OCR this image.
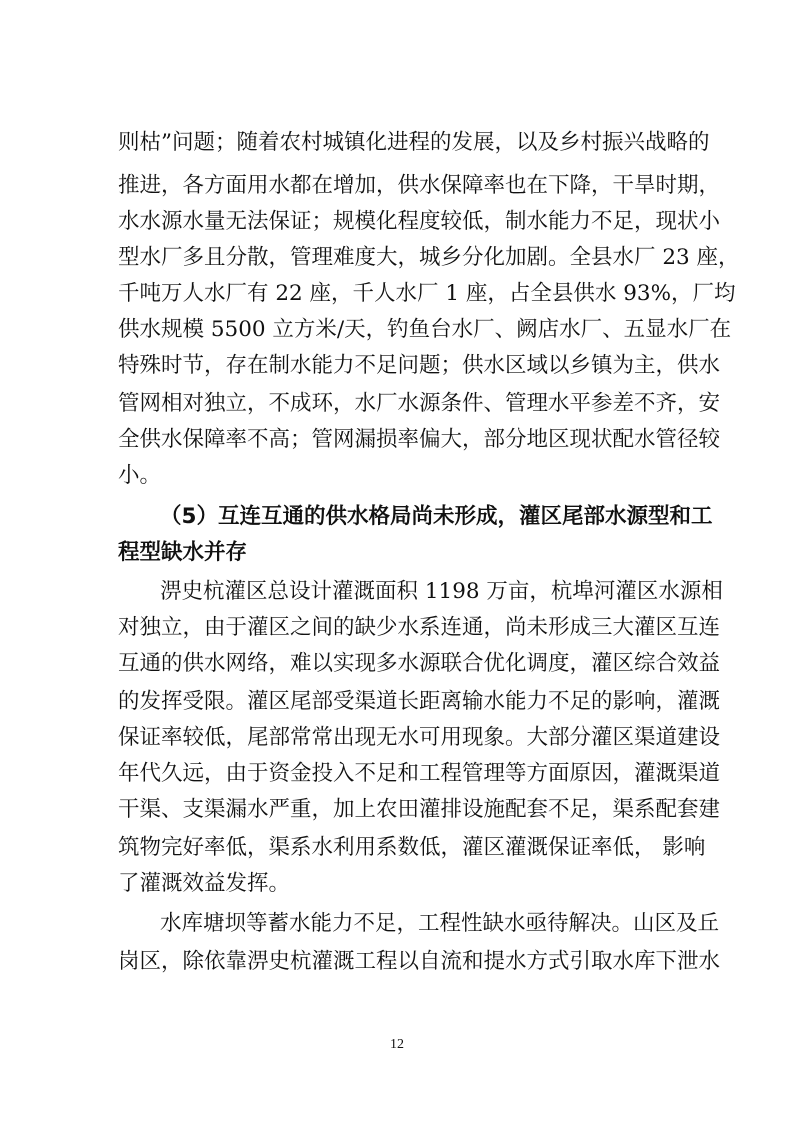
则枯”问题；随着农村城镇化进程的发展，以及乡村振兴战略的
推进，各方面用水都在增加，供水保障率也在下降，干旱时期，
水水源水量无法保证；规模化程度较低，制水能力不足，现状小
型水厂多且分散，管理难度大，城乡分化加剧。全县水厂 23 座，
千吨万人水厂有 22 座，千人水厂 1 座，占全县供水 93%，厂均
供水规模 5500 立方米/天，钓鱼台水厂、阙店水厂、五显水厂在
特殊时节，存在制水能力不足问题；供水区域以乡镇为主，供水
管网相对独立，不成环，水厂水源条件、管理水平参差不齐，安
全供水保障率不高；管网漏损率偏大，部分地区现状配水管径较
小。
（5）互连互通的供水格局尚未形成，灌区尾部水源型和工
程型缺水并存
淠史杭灌区总设计灌溉面积 1198 万亩，杭埠河灌区水源相
对独立，由于灌区之间的缺少水系连通，尚未形成三大灌区互连
互通的供水网络，难以实现多水源联合优化调度，灌区综合效益
的发挥受限。灌区尾部受渠道长距离输水能力不足的影响，灌溉
保证率较低，尾部常常出现无水可用现象。大部分灌区渠道建设
年代久远，由于资金投入不足和工程管理等方面原因，灌溉渠道
干渠、支渠漏水严重，加上农田灌排设施配套不足，渠系配套建
筑物完好率低，渠系水利用系数低，灌区灌溉保证率低， 影响
了灌溉效益发挥。
水库塘坝等蓄水能力不足，工程性缺水亟待解决。山区及丘
岗区，除依靠淠史杭灌溉工程以自流和提水方式引取水库下泄水
12
